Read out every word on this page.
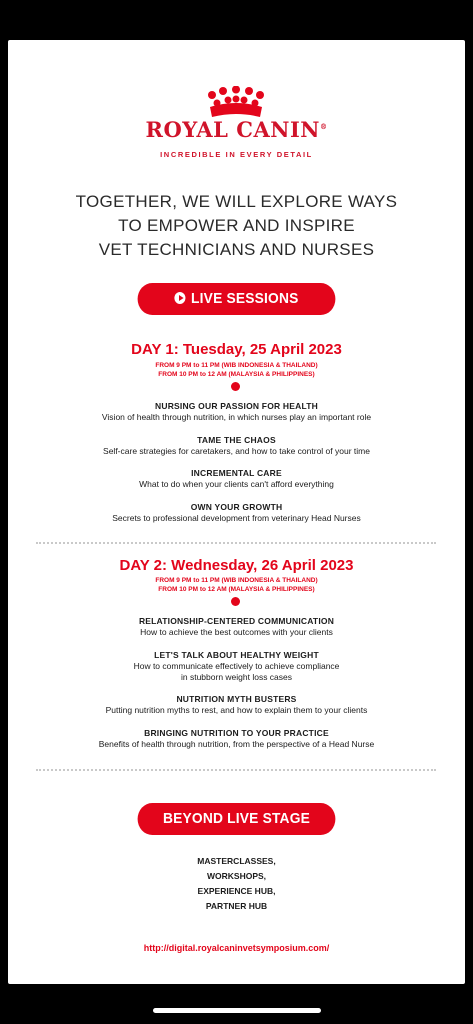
ROYAL CANIN®
INCREDIBLE IN EVERY DETAIL
TOGETHER, WE WILL EXPLORE WAYS
TO EMPOWER AND INSPIRE
VET TECHNICIANS AND NURSES
LIVE SESSIONS PROGRAM
DAY 1: Tuesday, 25 April 2023
FROM 9 PM to 11 PM (WIB INDONESIA & THAILAND)
FROM 10 PM to 12 AM (MALAYSIA & PHILIPPINES)
NURSING OUR PASSION FOR HEALTH
Vision of health through nutrition, in which nurses play an important role
TAME THE CHAOS
Self-care strategies for caretakers, and how to take control of your time
INCREMENTAL CARE
What to do when your clients can't afford everything
OWN YOUR GROWTH
Secrets to professional development from veterinary Head Nurses
DAY 2: Wednesday, 26 April 2023
FROM 9 PM to 11 PM (WIB INDONESIA & THAILAND)
FROM 10 PM to 12 AM (MALAYSIA & PHILIPPINES)
RELATIONSHIP-CENTERED COMMUNICATION
How to achieve the best outcomes with your clients
LET'S TALK ABOUT HEALTHY WEIGHT
How to communicate effectively to achieve compliance
in stubborn weight loss cases
NUTRITION MYTH BUSTERS
Putting nutrition myths to rest, and how to explain them to your clients
BRINGING NUTRITION TO YOUR PRACTICE
Benefits of health through nutrition, from the perspective of a Head Nurse
BEYOND LIVE STAGE
MASTERCLASSES,
WORKSHOPS,
EXPERIENCE HUB,
PARTNER HUB
http://digital.royalcaninvetsymposium.com/
